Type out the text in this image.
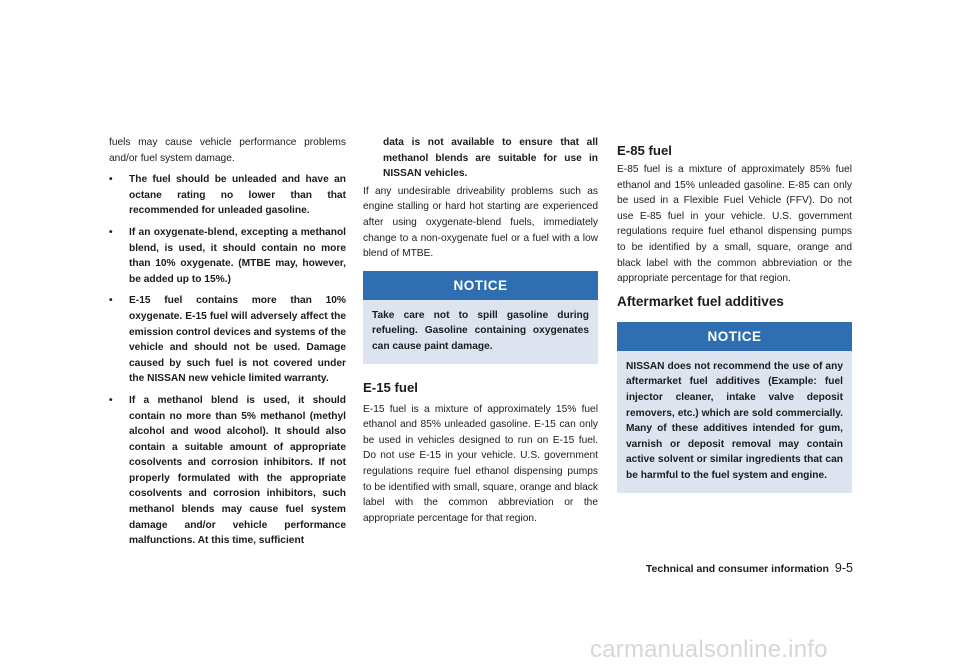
fuels may cause vehicle performance problems and/or fuel system damage.

• The fuel should be unleaded and have an octane rating no lower than that recommended for unleaded gasoline.
• If an oxygenate-blend, excepting a methanol blend, is used, it should contain no more than 10% oxygenate. (MTBE may, however, be added up to 15%.)
• E-15 fuel contains more than 10% oxygenate. E-15 fuel will adversely affect the emission control devices and systems of the vehicle and should not be used. Damage caused by such fuel is not covered under the NISSAN new vehicle limited warranty.
• If a methanol blend is used, it should contain no more than 5% methanol (methyl alcohol and wood alcohol). It should also contain a suitable amount of appropriate cosolvents and corrosion inhibitors. If not properly formulated with the appropriate cosolvents and corrosion inhibitors, such methanol blends may cause fuel system damage and/or vehicle performance malfunctions. At this time, sufficient

data is not available to ensure that all methanol blends are suitable for use in NISSAN vehicles.

If any undesirable driveability problems such as engine stalling or hard hot starting are experienced after using oxygenate-blend fuels, immediately change to a non-oxygenate fuel or a fuel with a low blend of MTBE.

NOTICE
Take care not to spill gasoline during refueling. Gasoline containing oxygenates can cause paint damage.
E-15 fuel

E-15 fuel is a mixture of approximately 15% fuel ethanol and 85% unleaded gasoline. E-15 can only be used in vehicles designed to run on E-15 fuel. Do not use E-15 in your vehicle. U.S. government regulations require fuel ethanol dispensing pumps to be identified with small, square, orange and black label with the common abbreviation or the appropriate percentage for that region.

E-85 fuel

E-85 fuel is a mixture of approximately 85% fuel ethanol and 15% unleaded gasoline. E-85 can only be used in a Flexible Fuel Vehicle (FFV). Do not use E-85 fuel in your vehicle. U.S. government regulations require fuel ethanol dispensing pumps to be identified by a small, square, orange and black label with the common abbreviation or the appropriate percentage for that region.

Aftermarket fuel additives
NOTICE
NISSAN does not recommend the use of any aftermarket fuel additives (Example: fuel injector cleaner, intake valve deposit removers, etc.) which are sold commercially. Many of these additives intended for gum, varnish or deposit removal may contain active solvent or similar ingredients that can be harmful to the fuel system and engine.
Technical and consumer information 9-5
carmanualsonline.info
